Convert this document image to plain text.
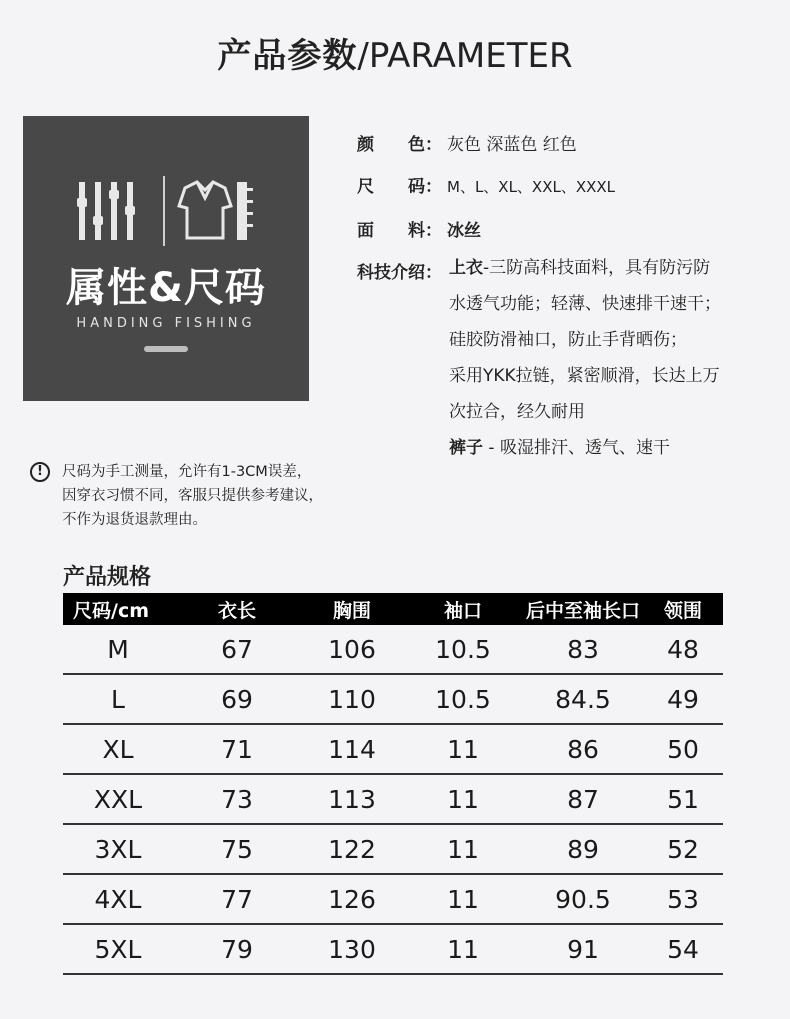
产品参数/PARAMETER
属性&尺码
HANDING FISHING
颜　　色： 灰色 深蓝色 红色
尺　　码： M、L、XL、XXL、XXXL
面　　料： 冰丝
科技介绍： 上衣-三防高科技面料，具有防污防
水透气功能；轻薄、快速排干速干；
硅胶防滑袖口，防止手背晒伤；
采用YKK拉链，紧密顺滑，长达上万
次拉合，经久耐用
裤子 - 吸湿排汗、透气、速干
!	尺码为手工测量，允许有1-3CM误差，
因穿衣习惯不同，客服只提供参考建议，
不作为退货退款理由。
产品规格
尺码/cm	衣长	胸围	袖口	后中至袖长口	领围
M	67	106	10.5	83	48
L	69	110	10.5	84.5	49
XL	71	114	11	86	50
XXL	73	113	11	87	51
3XL	75	122	11	89	52
4XL	77	126	11	90.5	53
5XL	79	130	11	91	54
